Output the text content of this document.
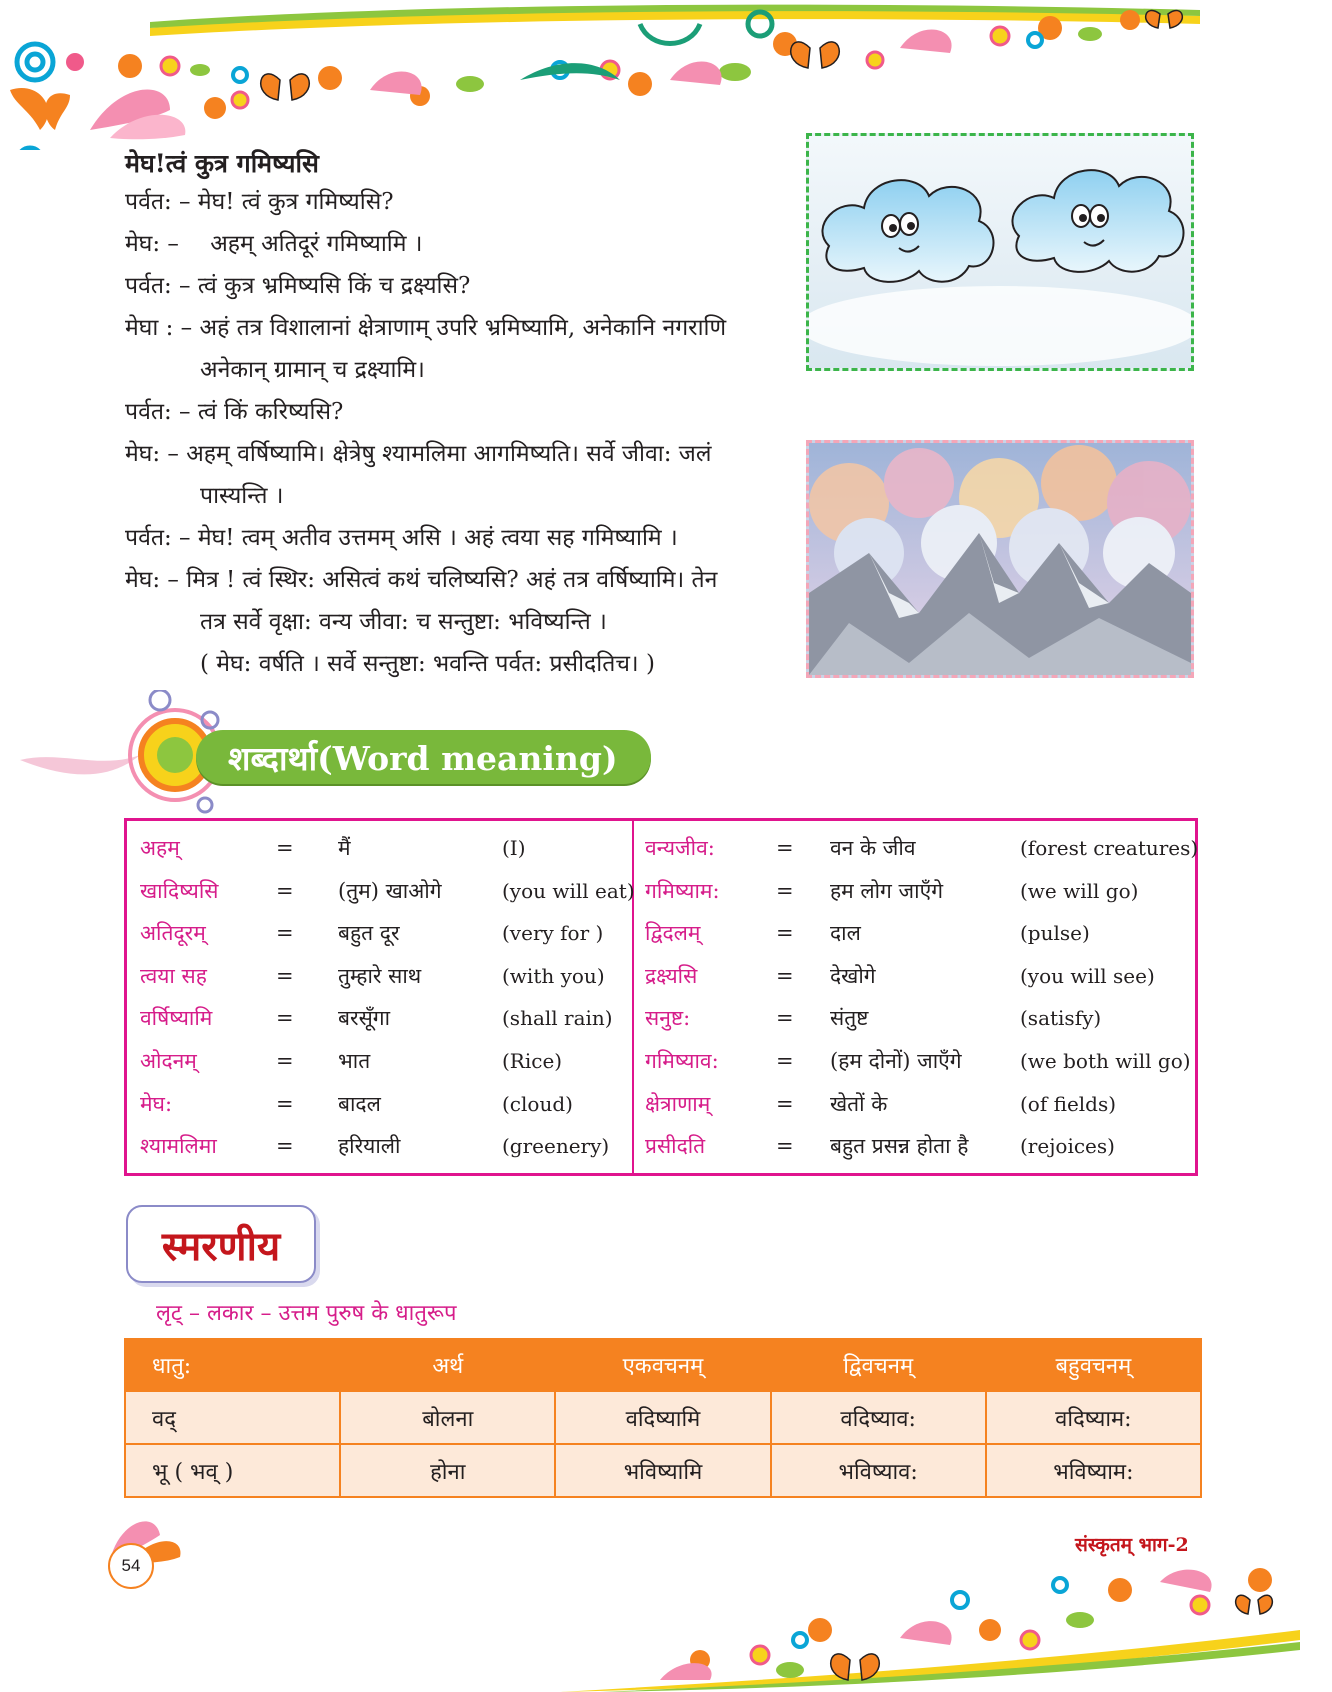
मेघ!त्वं कुत्र गमिष्यसि
पर्वत: – मेघ! त्वं कुत्र गमिष्यसि?
मेघ: – अहम् अतिदूरं गमिष्यामि ।
पर्वत: – त्वं कुत्र भ्रमिष्यसि किं च द्रक्ष्यसि?
मेघा : – अहं तत्र विशालानां क्षेत्राणाम् उपरि भ्रमिष्यामि, अनेकानि नगराणि
अनेकान् ग्रामान् च द्रक्ष्यामि।
पर्वत: – त्वं किं करिष्यसि?
मेघ: – अहम् वर्षिष्यामि। क्षेत्रेषु श्यामलिमा आगमिष्यति। सर्वे जीवा: जलं
पास्यन्ति ।
पर्वत: – मेघ! त्वम् अतीव उत्तमम् असि । अहं त्वया सह गमिष्यामि ।
मेघ: – मित्र ! त्वं स्थिर: असित्वं कथं चलिष्यसि? अहं तत्र वर्षिष्यामि। तेन
तत्र सर्वे वृक्षा: वन्य जीवा: च सन्तुष्टा: भविष्यन्ति ।
( मेघ: वर्षति । सर्वे सन्तुष्टा: भवन्ति पर्वत: प्रसीदतिच। )
शब्दार्था(Word meaning)
अहम्	= मैं	(I)
खादिष्यसि	= (तुम) खाओगे	(you will eat)
अतिदूरम्	= बहुत दूर	(very for )
त्वया सह	= तुम्हारे साथ	(with you)
वर्षिष्यामि	= बरसूँगा	(shall rain)
ओदनम्	= भात	(Rice)
मेघ:	= बादल	(cloud)
श्यामलिमा	= हरियाली	(greenery)
वन्यजीव:	= वन के जीव	(forest creatures)
गमिष्याम:	= हम लोग जाएँगे	(we will go)
द्विदलम्	= दाल	(pulse)
द्रक्ष्यसि	= देखोगे	(you will see)
सनुष्ट:	= संतुष्ट	(satisfy)
गमिष्याव:	= (हम दोनों) जाएँगे	(we both will go)
क्षेत्राणाम्	= खेतों के	(of fields)
प्रसीदति	= बहुत प्रसन्न होता है	(rejoices)
स्मरणीय
लृट् – लकार – उत्तम पुरुष के धातुरूप
धातु:	अर्थ	एकवचनम्	द्विवचनम्	बहुवचनम्
वद्	बोलना	वदिष्यामि	वदिष्याव:	वदिष्याम:
भू ( भव् )	होना	भविष्यामि	भविष्याव:	भविष्याम:
54
संस्कृतम् भाग-2
